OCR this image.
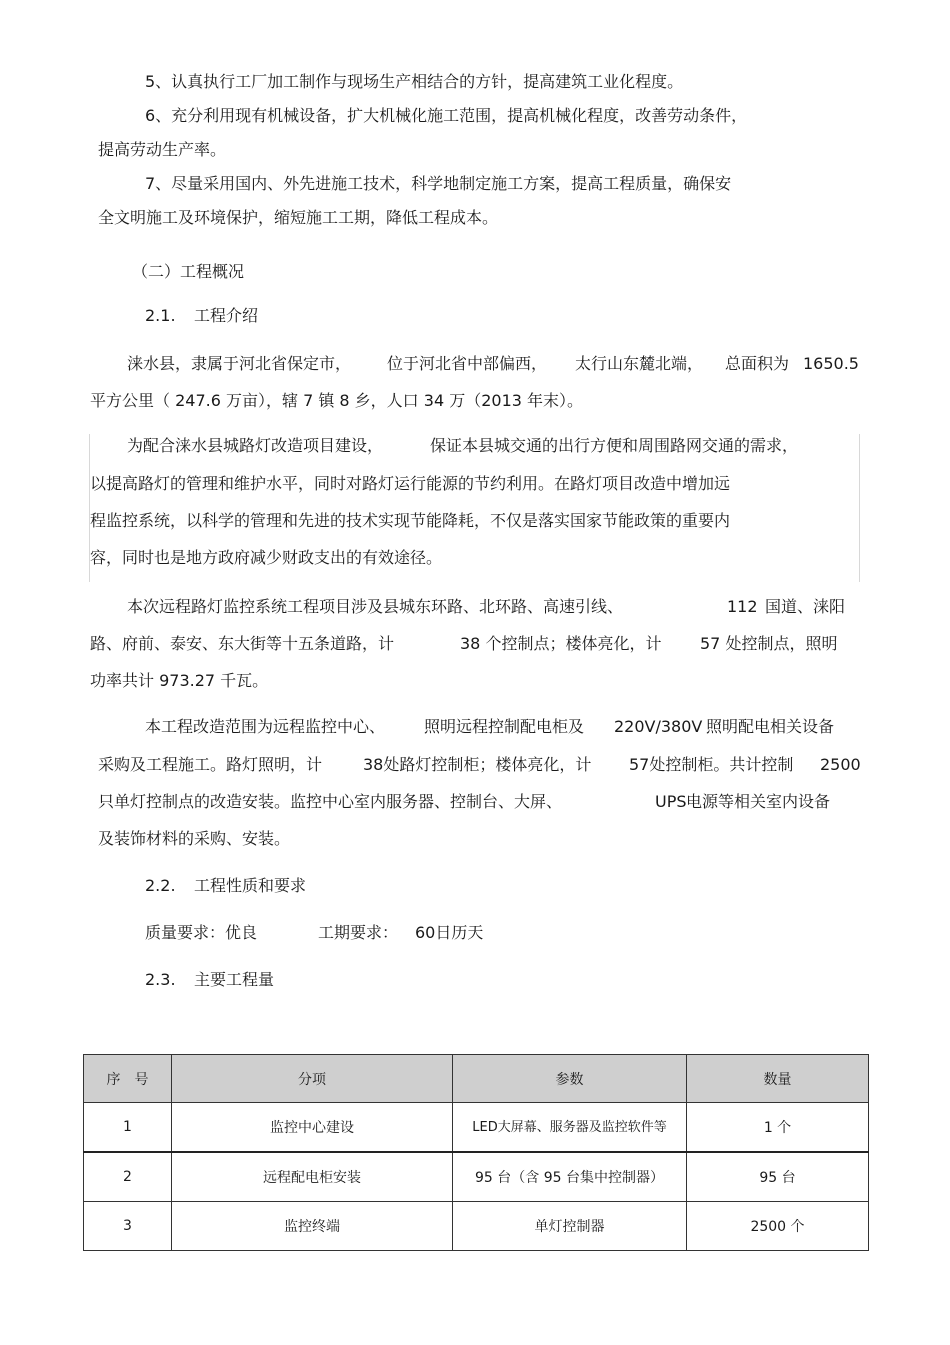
5、认真执行工厂加工制作与现场生产相结合的方针，提高建筑工业化程度。
6、充分利用现有机械设备，扩大机械化施工范围，提高机械化程度，改善劳动条件，
提高劳动生产率。
7、尽量采用国内、外先进施工技术，科学地制定施工方案，提高工程质量，确保安
全文明施工及环境保护，缩短施工工期，降低工程成本。
（二）工程概况
2.1. 工程介绍
涞水县，隶属于河北省保定市， 位于河北省中部偏西， 太行山东麓北端， 总面积为 1650.5
平方公里（ 247.6 万亩），辖 7 镇 8 乡，人口 34 万（2013 年末）。
为配合涞水县城路灯改造项目建设，	保证本县城交通的出行方便和周围路网交通的需求，
以提高路灯的管理和维护水平，同时对路灯运行能源的节约利用。在路灯项目改造中增加远
程监控系统，以科学的管理和先进的技术实现节能降耗，不仅是落实国家节能政策的重要内
容，同时也是地方政府减少财政支出的有效途径。
本次远程路灯监控系统工程项目涉及县城东环路、北环路、高速引线、	112 国道、涞阳
路、府前、泰安、东大街等十五条道路，计	38 个控制点；楼体亮化，计 57 处控制点，照明
功率共计 973.27 千瓦。
本工程改造范围为远程监控中心、 照明远程控制配电柜及 220V/380V 照明配电相关设备
采购及工程施工。路灯照明，计	38处路灯控制柜；楼体亮化，计 57处控制柜。共计控制 2500
只单灯控制点的改造安装。监控中心室内服务器、控制台、大屏、	UPS 电源等相关室内设备
及装饰材料的采购、安装。
2.2. 工程性质和要求
质量要求：优良	工期要求： 60日历天
2.3. 主要工程量
序　号	分项	参数	数量
1	监控中心建设	LED大屏幕、服务器及监控软件等	1 个
2	远程配电柜安装	95 台（含 95 台集中控制器）	95 台
3	监控终端	单灯控制器	2500 个
